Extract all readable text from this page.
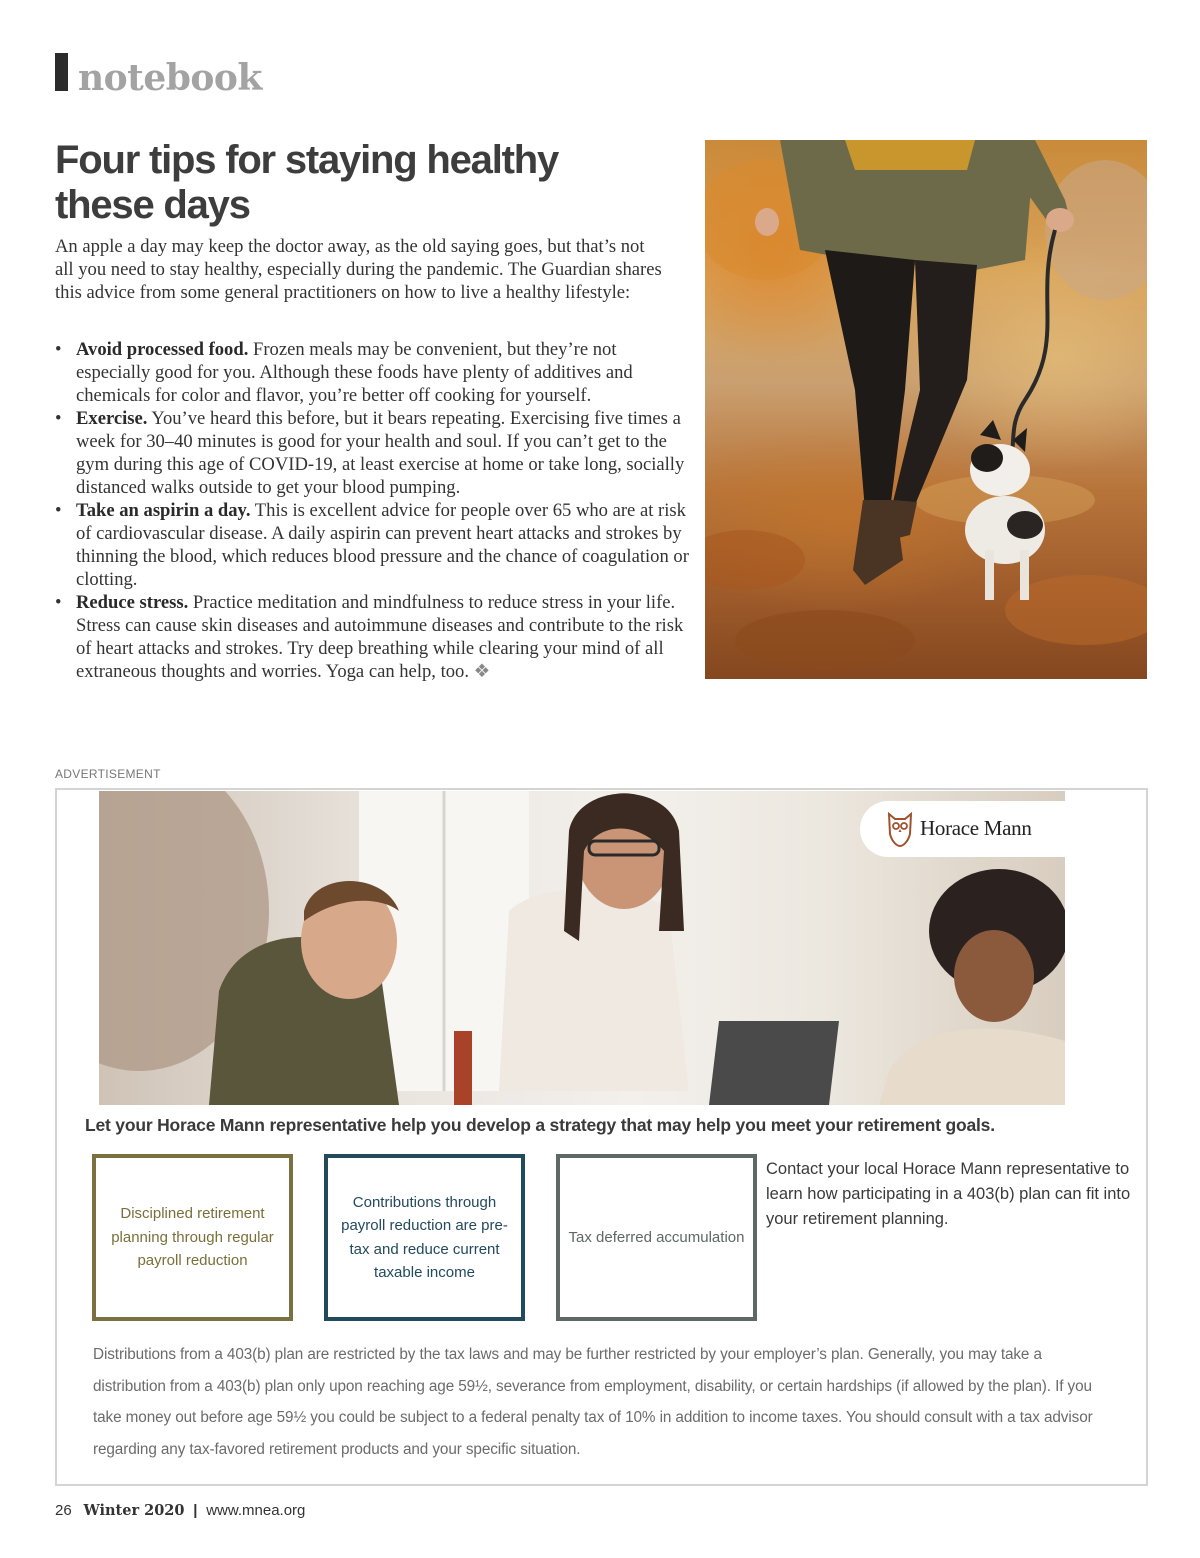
notebook
Four tips for staying healthy these days

An apple a day may keep the doctor away, as the old saying goes, but that’s not all you need to stay healthy, especially during the pandemic. The Guardian shares this advice from some general practitioners on how to live a healthy lifestyle:

• Avoid processed food. Frozen meals may be convenient, but they’re not especially good for you. Although these foods have plenty of additives and chemicals for color and flavor, you’re better off cooking for yourself.
• Exercise. You’ve heard this before, but it bears repeating. Exercising five times a week for 30–40 minutes is good for your health and soul. If you can’t get to the gym during this age of COVID-19, at least exercise at home or take long, socially distanced walks outside to get your blood pumping.
• Take an aspirin a day. This is excellent advice for people over 65 who are at risk of cardiovascular disease. A daily aspirin can prevent heart attacks and strokes by thinning the blood, which reduces blood pressure and the chance of coagulation or clotting.
• Reduce stress. Practice meditation and mindfulness to reduce stress in your life. Stress can cause skin diseases and autoimmune diseases and contribute to the risk of heart attacks and strokes. Try deep breathing while clearing your mind of all extraneous thoughts and worries. Yoga can help, too. ❖
ADVERTISEMENT
Horace Mann
Let your Horace Mann representative help you develop a strategy that may help you meet your retirement goals.
Disciplined retirement planning through regular payroll reduction
Contributions through payroll reduction are pre-tax and reduce current taxable income
Tax deferred accumulation

Contact your local Horace Mann representative to learn how participating in a 403(b) plan can fit into your retirement planning.

Distributions from a 403(b) plan are restricted by the tax laws and may be further restricted by your employer’s plan. Generally, you may take a distribution from a 403(b) plan only upon reaching age 59½, severance from employment, disability, or certain hardships (if allowed by the plan). If you take money out before age 59½ you could be subject to a federal penalty tax of 10% in addition to income taxes. You should consult with a tax advisor regarding any tax-favored retirement products and your specific situation.

26 Winter 2020 | www.mnea.org
